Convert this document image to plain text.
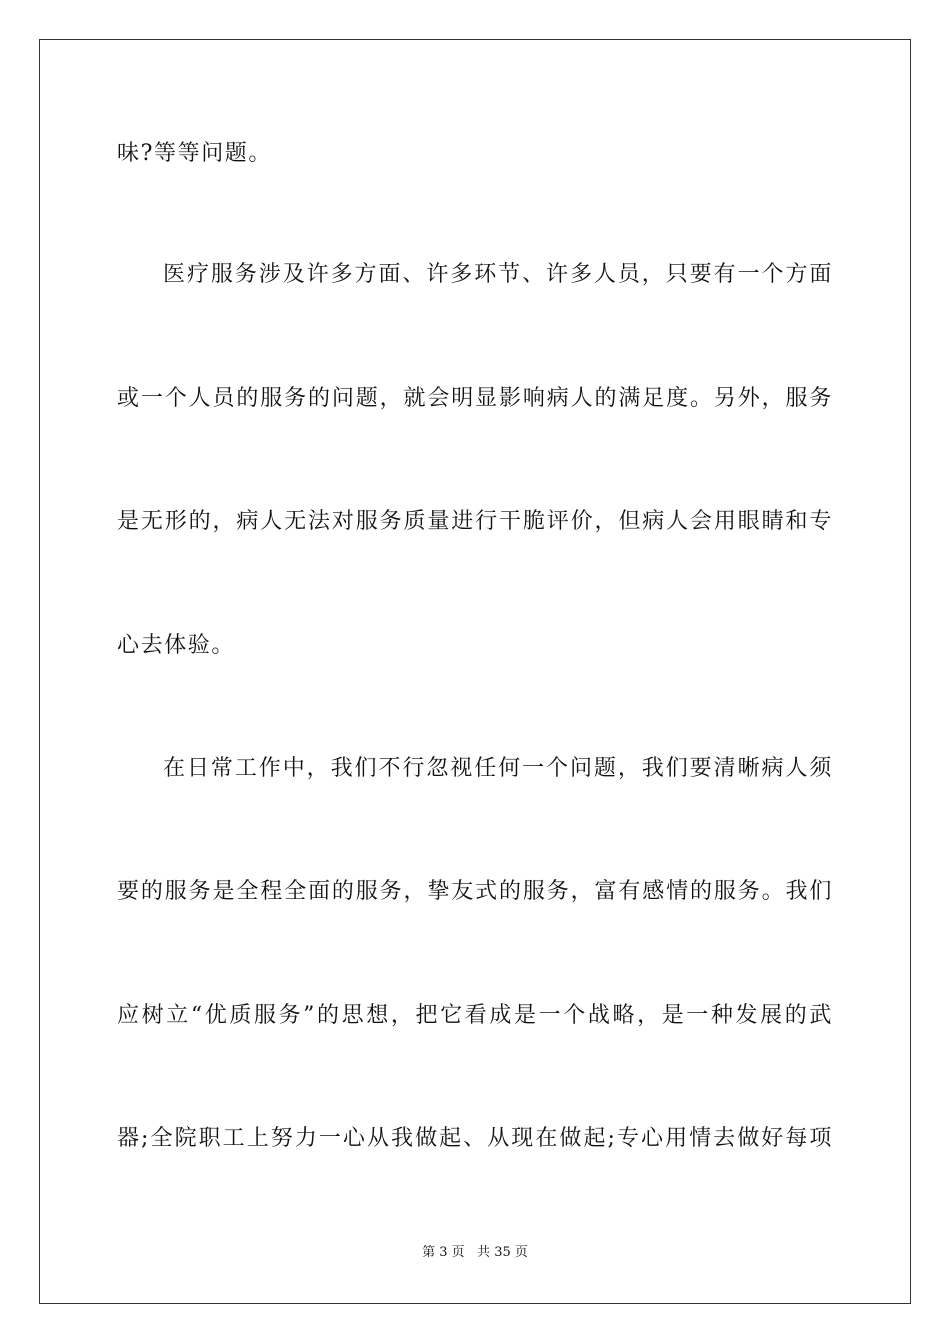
味?等等问题。
医疗服务涉及许多方面、许多环节、许多人员，只要有一个方面
或一个人员的服务的问题，就会明显影响病人的满足度。另外，服务
是无形的，病人无法对服务质量进行干脆评价，但病人会用眼睛和专
心去体验。
在日常工作中，我们不行忽视任何一个问题，我们要清晰病人须
要的服务是全程全面的服务，挚友式的服务，富有感情的服务。我们
应树立“优质服务”的思想，把它看成是一个战略，是一种发展的武
器;全院职工上努力一心从我做起、从现在做起;专心用情去做好每项
第 3 页   共 35 页
